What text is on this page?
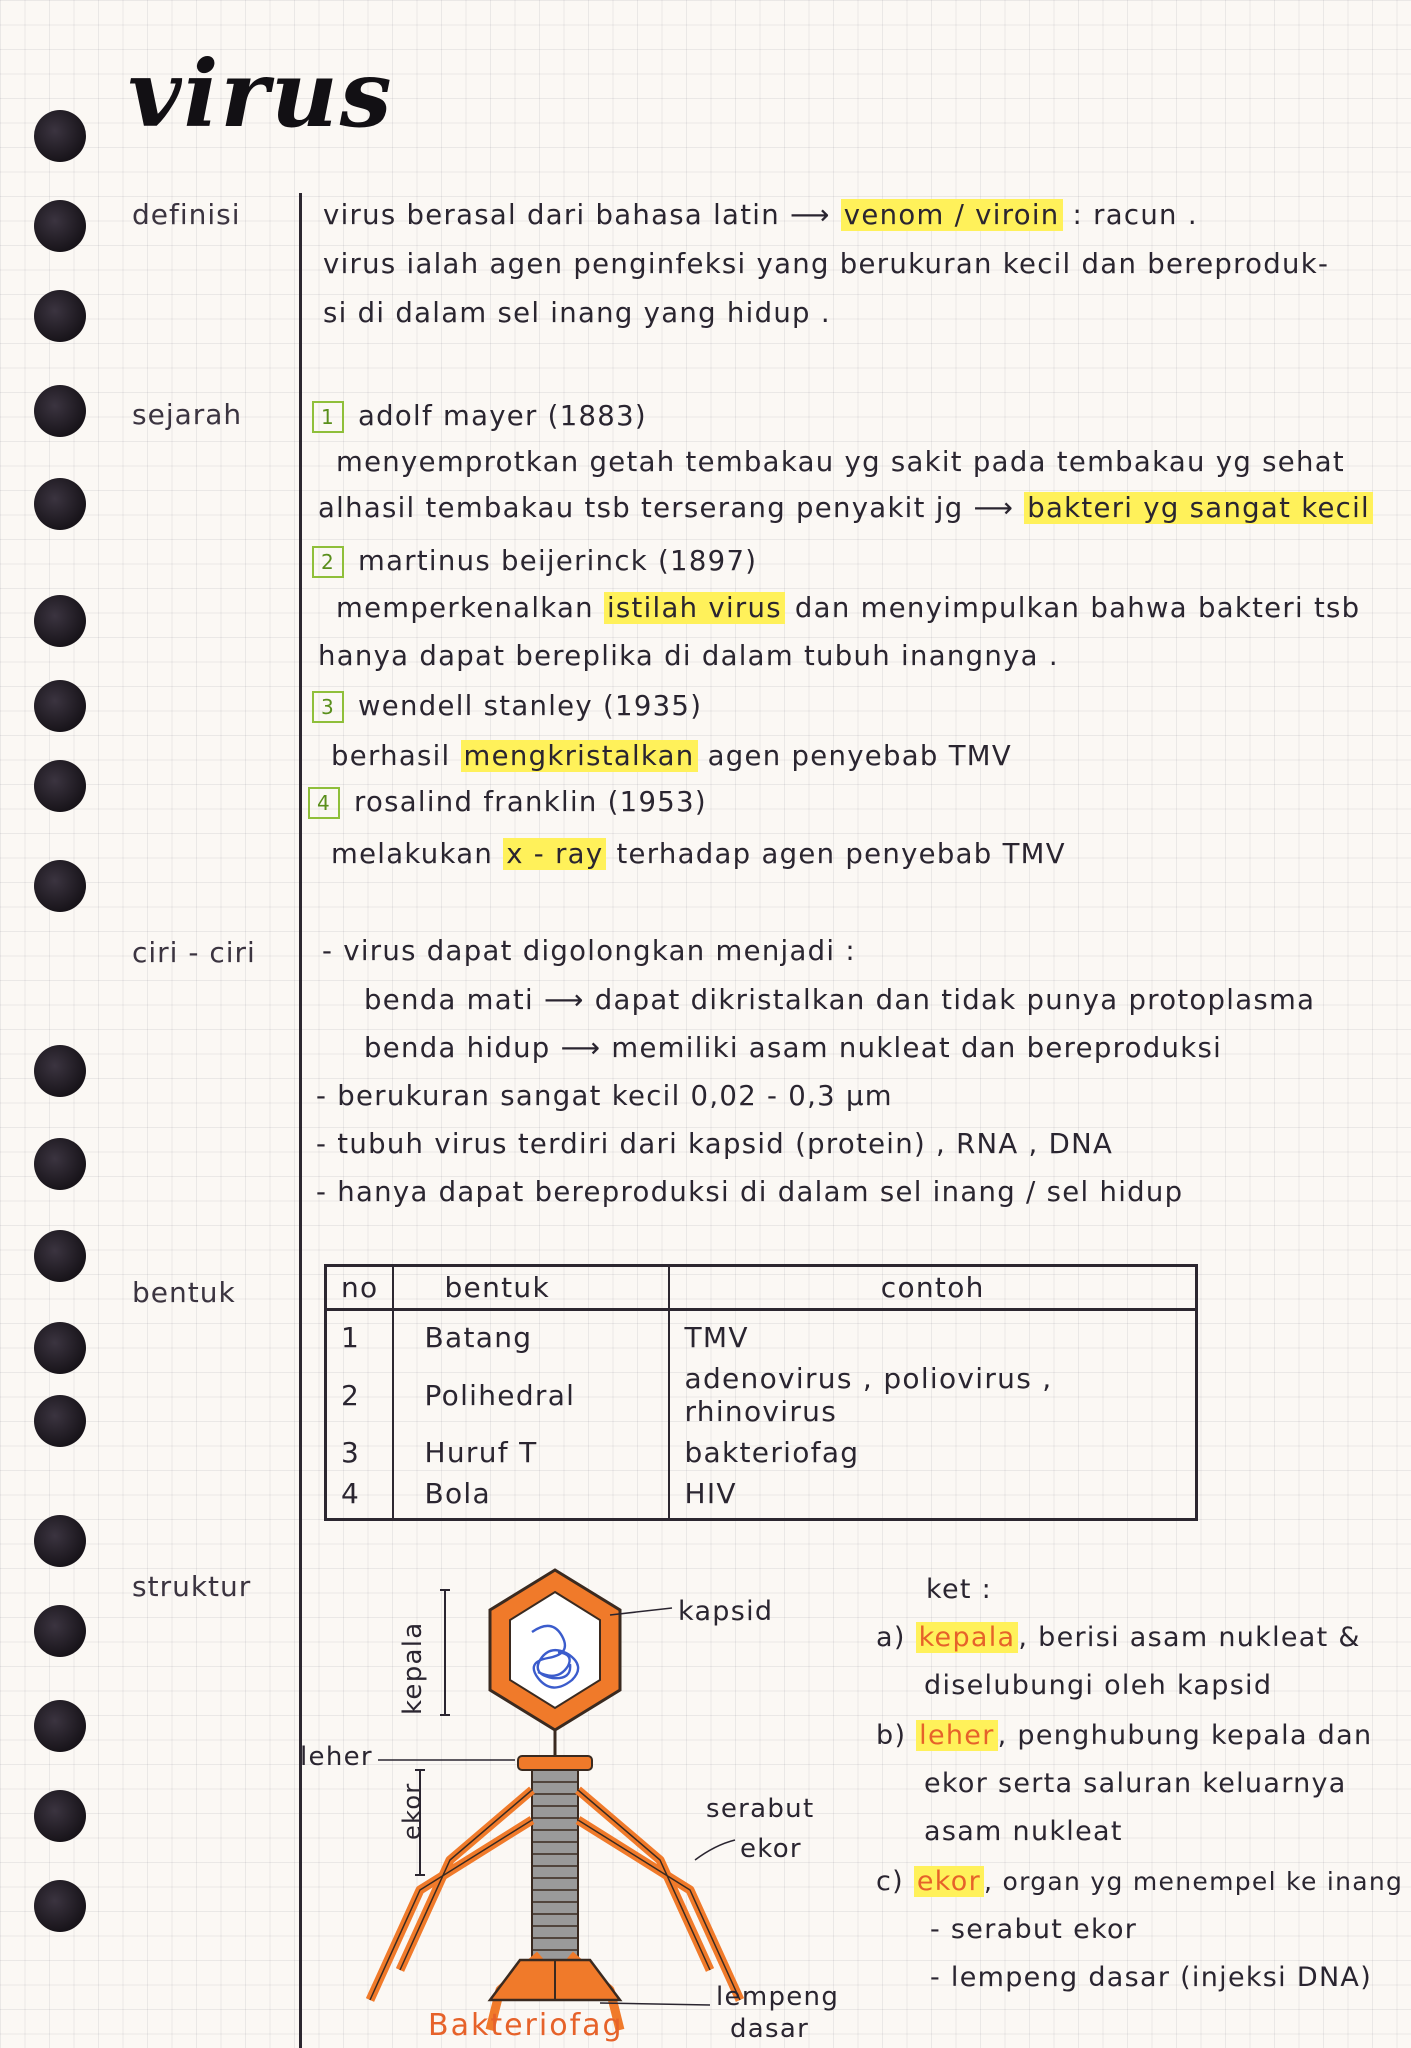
virus
definisi	virus berasal dari bahasa latin ⟶ venom / viroin : racun .
virus ialah agen penginfeksi yang berukuran kecil dan bereproduk-
si di dalam sel inang yang hidup .
sejarah	1 adolf mayer (1883)
menyemprotkan getah tembakau yg sakit pada tembakau yg sehat
alhasil tembakau tsb terserang penyakit jg ⟶ bakteri yg sangat kecil
2 martinus beijerinck (1897)
memperkenalkan istilah virus dan menyimpulkan bahwa bakteri tsb
hanya dapat bereplika di dalam tubuh inangnya .
3 wendell stanley (1935)
berhasil mengkristalkan agen penyebab TMV
4 rosalind franklin (1953)
melakukan x - ray terhadap agen penyebab TMV
ciri - ciri - virus dapat digolongkan menjadi :
benda mati ⟶ dapat dikristalkan dan tidak punya protoplasma
benda hidup ⟶ memiliki asam nukleat dan bereproduksi
- berukuran sangat kecil 0,02 - 0,3 μm
- tubuh virus terdiri dari kapsid (protein) , RNA , DNA
- hanya dapat bereproduksi di dalam sel inang / sel hidup
bentuk	no	bentuk	contoh
1	Batang	TMV
2	Polihedral	adenovirus , poliovirus , rhinovirus
3	Huruf T	bakteriofag
4	Bola	HIV
struktur
kepala
leher
ekor
kapsid
serabut
ekor
lempeng
dasar
Bakteriofag
ket :
a) kepala , berisi asam nukleat &
diselubungi oleh kapsid
b) leher , penghubung kepala dan
ekor serta saluran keluarnya
asam nukleat
c) ekor , organ yg menempel ke inang
- serabut ekor
- lempeng dasar (injeksi DNA)
